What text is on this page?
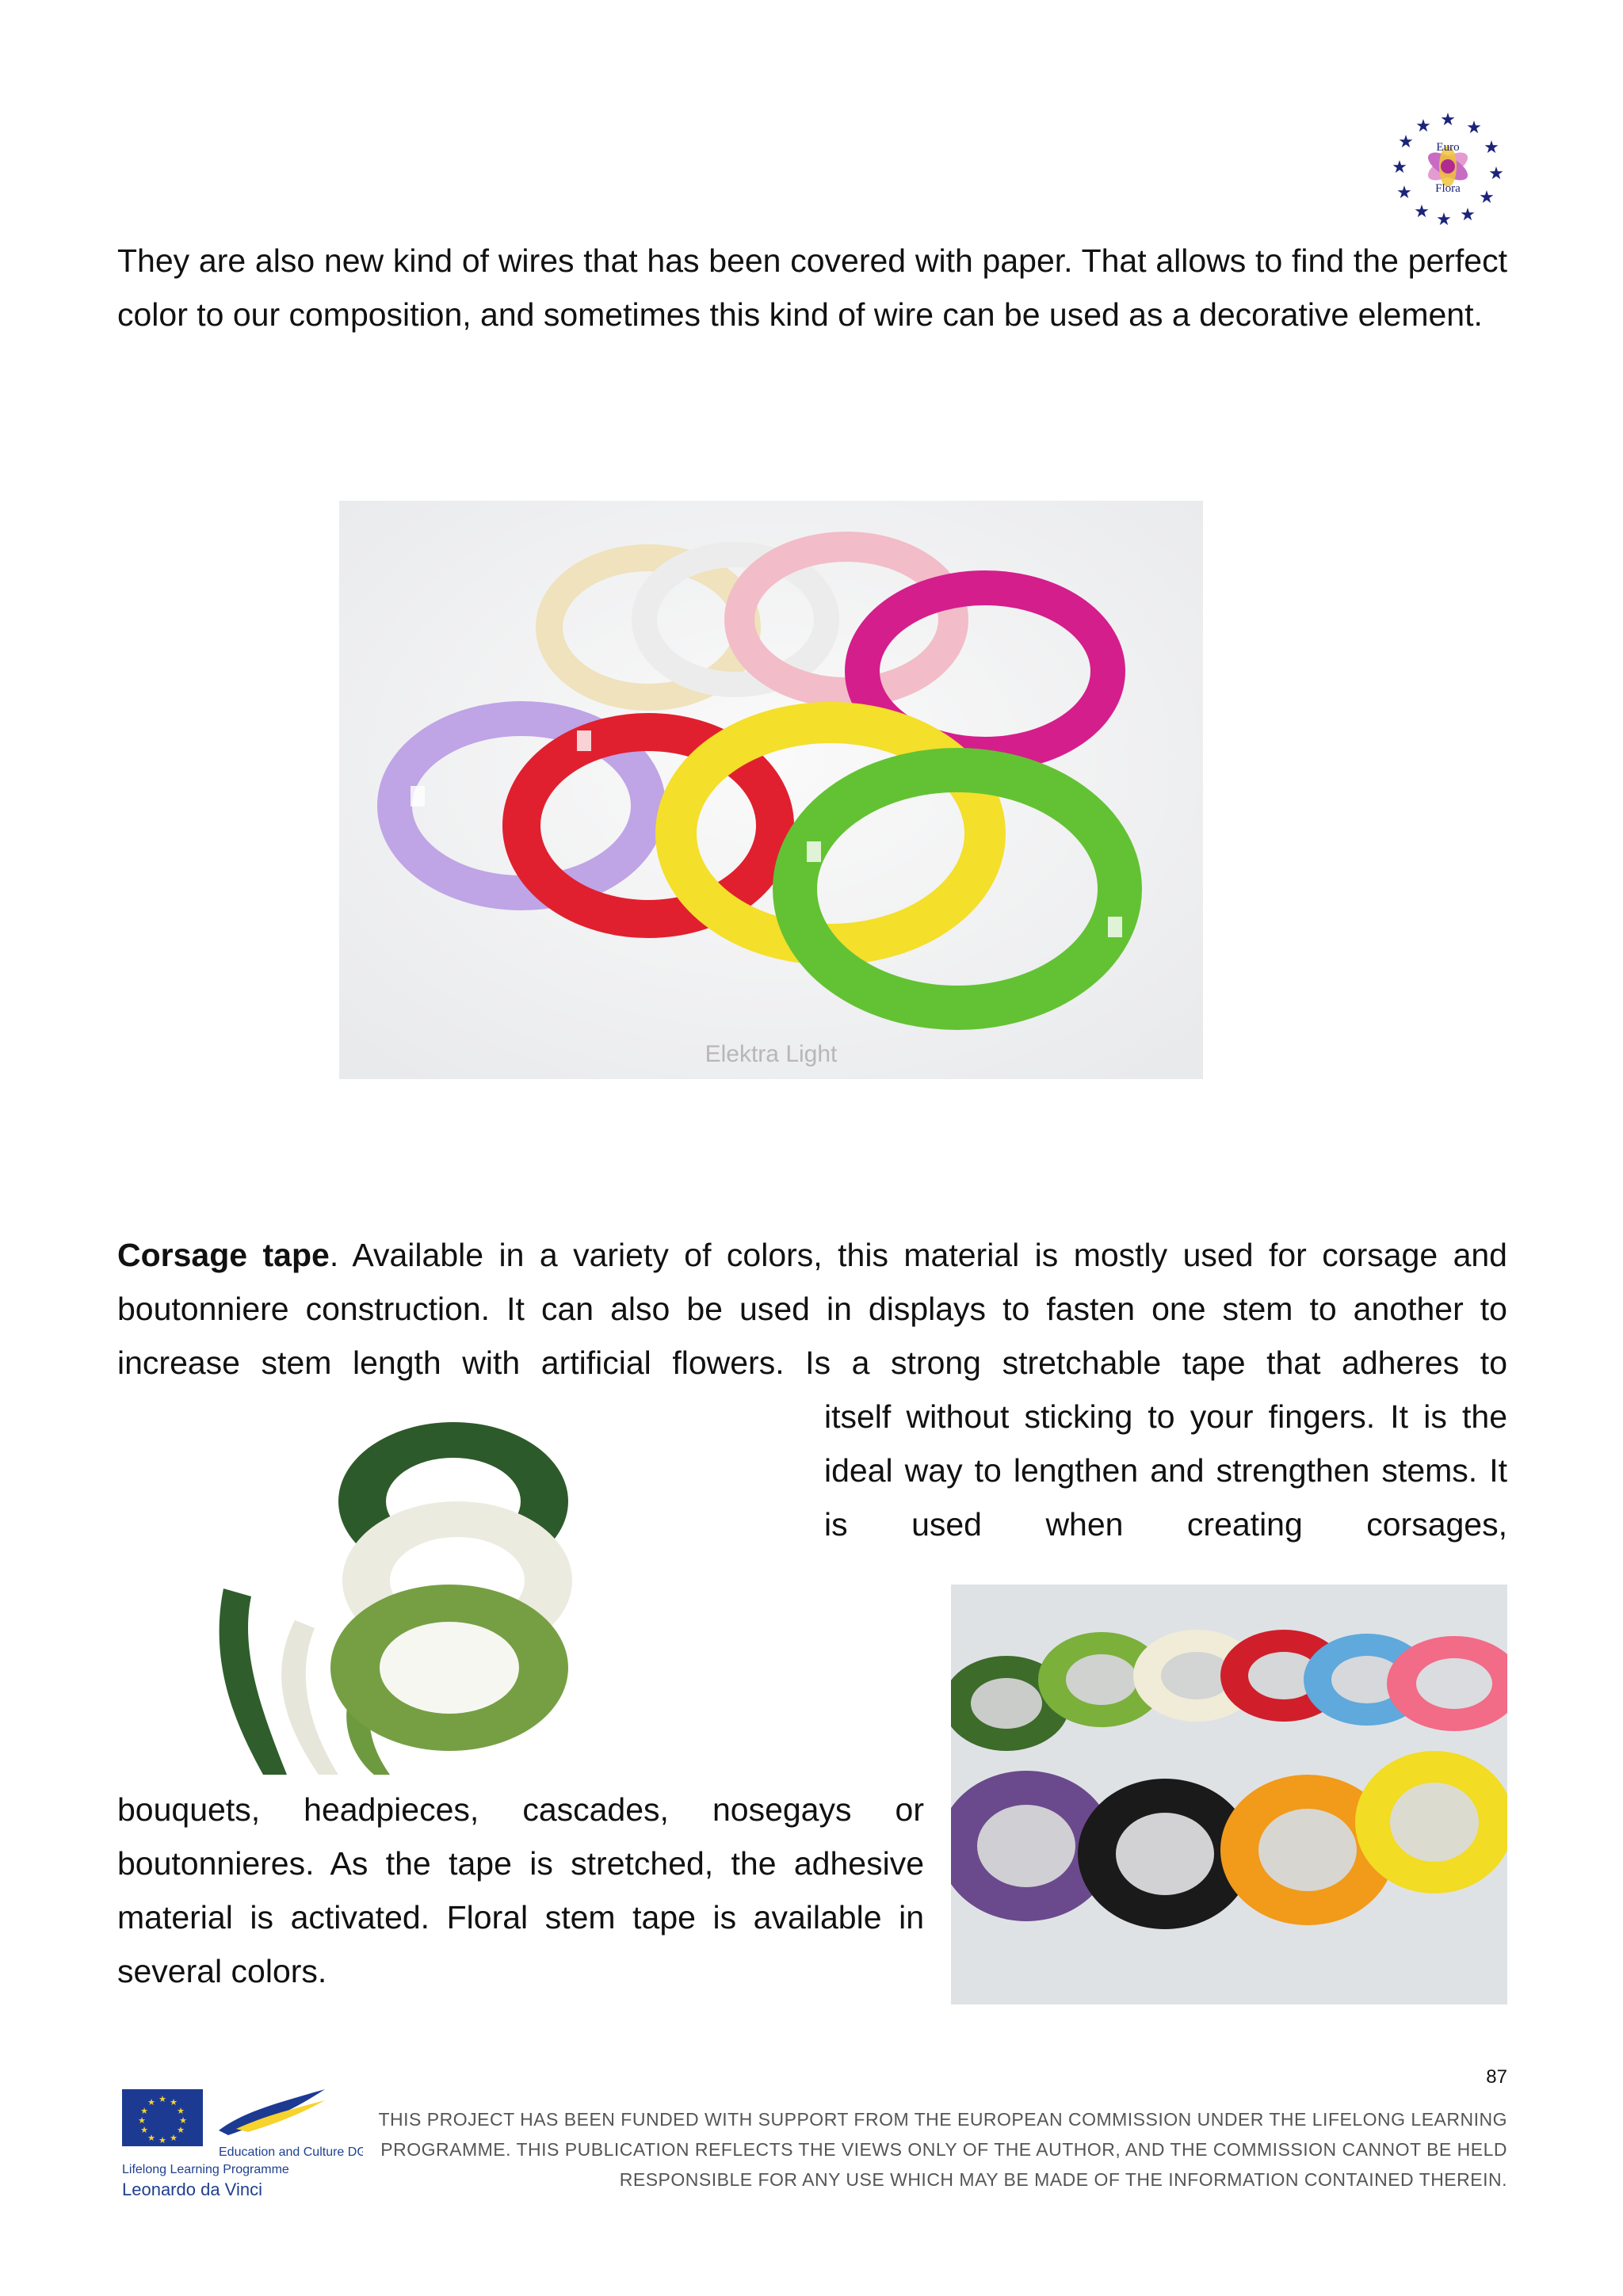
★ ★
★
★
★
★
★
★
★
★
★
★
Euro
Flora
They are also new kind of wires that has been covered with paper. That allows to find the perfect color to our composition, and sometimes this kind of wire can be used as a decorative element.
Elektra Light
Corsage tape. Available in a variety of colors, this material is mostly used for corsage and boutonniere construction. It can also be used in displays to fasten one stem to another to increase stem length with artificial flowers. Is a strong stretchable tape that adheres to
itself without sticking to your fingers. It is the ideal way to lengthen and strengthen stems. It is used when creating corsages,
bouquets, headpieces, cascades, nosegays or boutonnieres. As the tape is stretched, the adhesive material is activated. Floral stem tape is available in several colors.
87
★ ★
★
★
★
★
★
★
★
★
★
★
Education and Culture DG
Lifelong Learning Programme
Leonardo da Vinci
THIS PROJECT HAS BEEN FUNDED WITH SUPPORT FROM THE EUROPEAN COMMISSION UNDER THE LIFELONG LEARNING
PROGRAMME. THIS PUBLICATION REFLECTS THE VIEWS ONLY OF THE AUTHOR, AND THE COMMISSION CANNOT BE HELD
RESPONSIBLE FOR ANY USE WHICH MAY BE MADE OF THE INFORMATION CONTAINED THEREIN.
